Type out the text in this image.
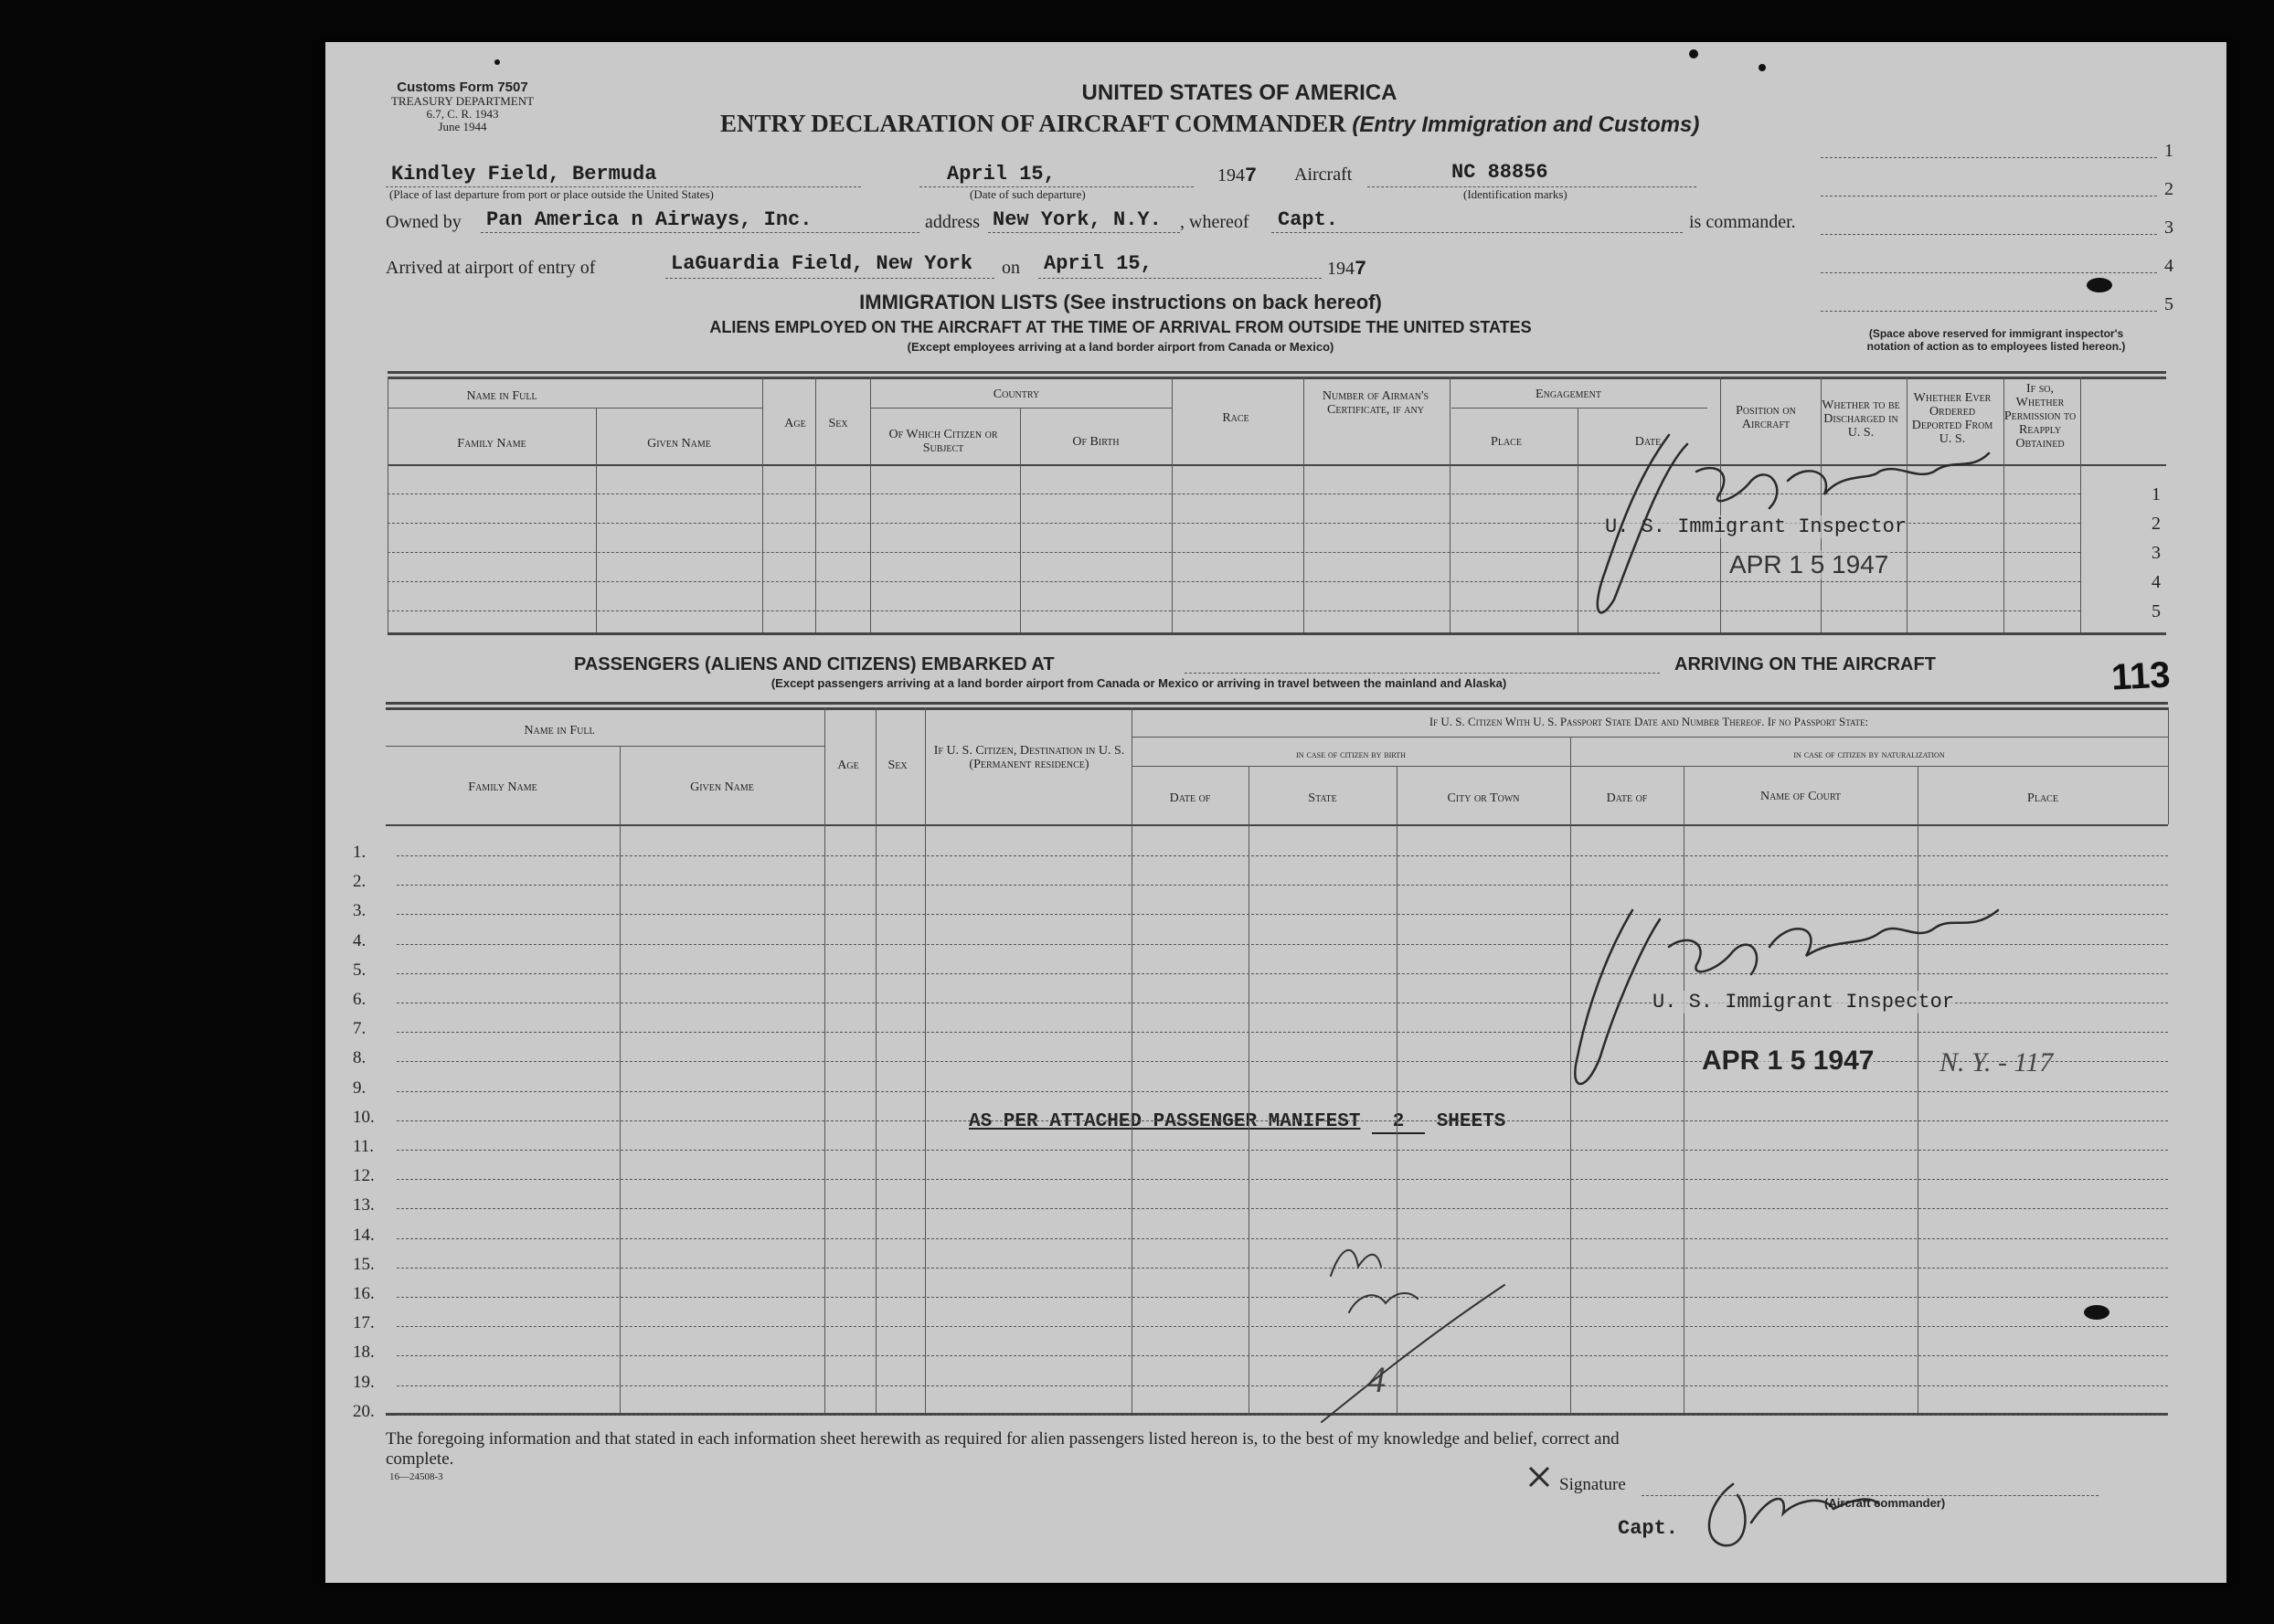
Customs Form 7507
TREASURY DEPARTMENT
6.7, C. R. 1943
June 1944
UNITED STATES OF AMERICA
ENTRY DECLARATION OF AIRCRAFT COMMANDER (Entry Immigration and Customs)
Kindley Field, Bermuda
(Place of last departure from port or place outside the United States)
April 15,
(Date of such departure)
1947 Aircraft	NC 88856
(Identification marks)
Owned by Pan America n Airways, Inc.	address New York, N.Y. , whereof Capt.	is commander.
Arrived at airport of entry of	LaGuardia Field, New York on April 15,	1947
1
2
3
4
5
(Space above reserved for immigrant inspector's
notation of action as to employees listed hereon.)
IMMIGRATION LISTS (See instructions on back hereof)
ALIENS EMPLOYED ON THE AIRCRAFT AT THE TIME OF ARRIVAL FROM OUTSIDE THE UNITED STATES
(Except employees arriving at a land border airport from Canada or Mexico)
Name in Full
Family Name	Given Name
Age	Sex
Country
Of Which Citizen or Subject	Of Birth
Race
Number of Airman's Certificate, if any
Engagement
Place	Date
Position on Aircraft
Whether to be Discharged in U. S.
Whether Ever Ordered Deported From U. S.
If so, Whether Permission to Reapply Obtained
1
2
3
4
5
PASSENGERS (ALIENS AND CITIZENS) EMBARKED AT	ARRIVING ON THE AIRCRAFT
(Except passengers arriving at a land border airport from Canada or Mexico or arriving in travel between the mainland and Alaska)	113
Name in Full
Family Name	Given Name
Age	Sex
If U. S. Citizen, Destination in U. S. (Permanent residence)
If U. S. Citizen With U. S. Passport State Date and Number Thereof. If no Passport State:
in case of citizen by birth	in case of citizen by naturalization
Date of	State	City or Town	Date of	Name of Court	Place
AS PER ATTACHED PASSENGER MANIFEST 2 SHEETS
1.
2.
3.
4.
5.
6.
7.
8.
9.
10.
11.
12.
13.
14.
15.
16.
17.
18.
19.
20.
U. S. Immigrant Inspector
APR 1 5 1947
U. S. Immigrant Inspector
APR 1 5 1947 N. Y. - 117
4
The foregoing information and that stated in each information sheet herewith as required for alien passengers listed hereon is, to the best of my knowledge and belief, correct and
complete.
16—24508-3	Signature
(Aircraft commander)
Capt.
